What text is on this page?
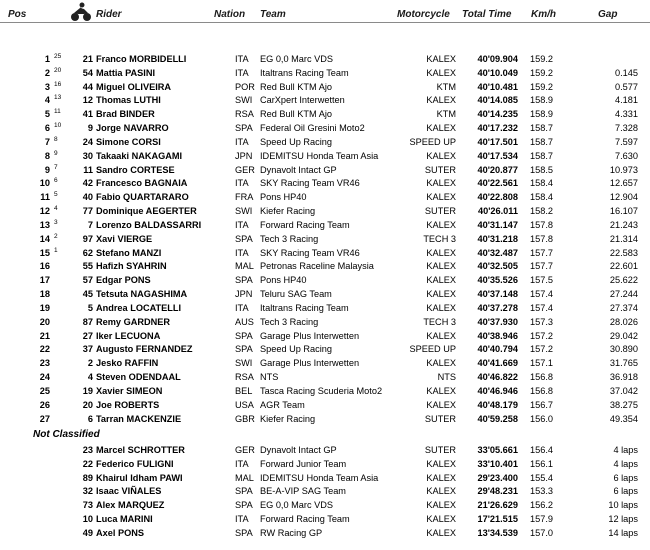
Pos	Rider	Nation Team	Motorcycle Total Time Km/h	Gap
1 25 21 Franco MORBIDELLI	ITA EG 0,0 Marc VDS	KALEX 40'09.904 159.2
2 20 54 Mattia PASINI	ITA Italtrans Racing Team	KALEX 40'10.049 159.2	0.145
3 16 44 Miguel OLIVEIRA	POR Red Bull KTM Ajo	KTM 40'10.481 159.2	0.577
4 13 12 Thomas LUTHI	SWI CarXpert Interwetten	KALEX 40'14.085 158.9	4.181
5 11 41 Brad BINDER	RSA Red Bull KTM Ajo	KTM 40'14.235 158.9	4.331
6 10	9 Jorge NAVARRO	SPA Federal Oil Gresini Moto2	KALEX 40'17.232 158.7	7.328
7 8	24 Simone CORSI	ITA Speed Up Racing	SPEED UP 40'17.501 158.7	7.597
8 9	30 Takaaki NAKAGAMI	JPN IDEMITSU Honda Team Asia	KALEX 40'17.534 158.7	7.630
9 7	11 Sandro CORTESE	GER Dynavolt Intact GP	SUTER 40'20.877 158.5	10.973
10 6	42 Francesco BAGNAIA	ITA SKY Racing Team VR46	KALEX 40'22.561 158.4	12.657
11 5	40 Fabio QUARTARARO	FRA Pons HP40	KALEX 40'22.808 158.4	12.904
12 4	77 Dominique AEGERTER	SWI Kiefer Racing	SUTER 40'26.011 158.2	16.107
13 3	7 Lorenzo BALDASSARRI	ITA Forward Racing Team	KALEX 40'31.147 157.8	21.243
14 2	97 Xavi VIERGE	SPA Tech 3 Racing	TECH 3 40'31.218 157.8	21.314
15 1	62 Stefano MANZI	ITA SKY Racing Team VR46	KALEX 40'32.487 157.7	22.583
16	55 Hafizh SYAHRIN	MAL Petronas Raceline Malaysia	KALEX 40'32.505 157.7	22.601
17	57 Edgar PONS	SPA Pons HP40	KALEX 40'35.526 157.5	25.622
18	45 Tetsuta NAGASHIMA	JPN Teluru SAG Team	KALEX 40'37.148 157.4	27.244
19	5 Andrea LOCATELLI	ITA Italtrans Racing Team	KALEX 40'37.278 157.4	27.374
20	87 Remy GARDNER	AUS Tech 3 Racing	TECH 3 40'37.930 157.3	28.026
21	27 Iker LECUONA	SPA Garage Plus Interwetten	KALEX 40'38.946 157.2	29.042
22	37 Augusto FERNANDEZ	SPA Speed Up Racing	SPEED UP 40'40.794 157.2	30.890
23	2 Jesko RAFFIN	SWI Garage Plus Interwetten	KALEX 40'41.669 157.1	31.765
24	4 Steven ODENDAAL	RSA NTS	NTS 40'46.822 156.8	36.918
25	19 Xavier SIMEON	BEL Tasca Racing Scuderia Moto2	KALEX 40'46.946 156.8	37.042
26	20 Joe ROBERTS	USA AGR Team	KALEX 40'48.179 156.7	38.275
27	6 Tarran MACKENZIE	GBR Kiefer Racing	SUTER 40'59.258 156.0	49.354
Not Classified
23 Marcel SCHROTTER	GER Dynavolt Intact GP	SUTER 33'05.661 156.4	4 laps
22 Federico FULIGNI	ITA Forward Junior Team	KALEX 33'10.401 156.1	4 laps
89 Khairul Idham PAWI	MAL IDEMITSU Honda Team Asia	KALEX 29'23.400 155.4	6 laps
32 Isaac VIÑALES	SPA BE-A-VIP SAG Team	KALEX 29'48.231 153.3	6 laps
73 Alex MARQUEZ	SPA EG 0,0 Marc VDS	KALEX 21'26.629 156.2	10 laps
10 Luca MARINI	ITA Forward Racing Team	KALEX 17'21.515 157.9	12 laps
49 Axel PONS	SPA RW Racing GP	KALEX 13'34.539 157.0	14 laps
